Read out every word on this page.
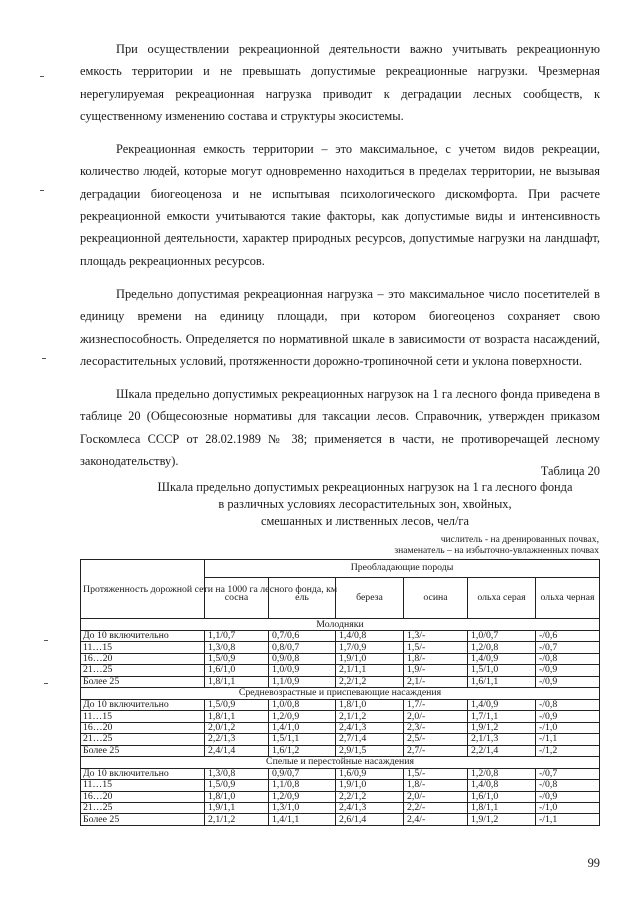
При осуществлении рекреационной деятельности важно учитывать рекреационную емкость территории и не превышать допустимые рекреационные нагрузки. Чрезмерная нерегулируемая рекреационная нагрузка приводит к деградации лесных сообществ, к существенному изменению состава и структуры экосистемы.

Рекреационная емкость территории – это максимальное, с учетом видов рекреации, количество людей, которые могут одновременно находиться в пределах территории, не вызывая деградации биогеоценоза и не испытывая психологического дискомфорта. При расчете рекреационной емкости учитываются такие факторы, как допустимые виды и интенсивность рекреационной деятельности, характер природных ресурсов, допустимые нагрузки на ландшафт, площадь рекреационных ресурсов.

Предельно допустимая рекреационная нагрузка – это максимальное число посетителей в единицу времени на единицу площади, при котором биогеоценоз сохраняет свою жизнеспособность. Определяется по нормативной шкале в зависимости от возраста насаждений, лесорастительных условий, протяженности дорожно-тропиночной сети и уклона поверхности.

Шкала предельно допустимых рекреационных нагрузок на 1 га лесного фонда приведена в таблице 20 (Общесоюзные нормативы для таксации лесов. Справочник, утвержден приказом Госкомлеса СССР от 28.02.1989 № 38; применяется в части, не противоречащей лесному законодательству).

Таблица 20

Шкала предельно допустимых рекреационных нагрузок на 1 га лесного фонда
в различных условиях лесорастительных зон, хвойных,
смешанных и лиственных лесов, чел/га
числитель - на дренированных почвах,
знаменатель – на избыточно-увлажненных почвах
Протяженность дорожной сети на 1000 га лесного фонда, км	Преобладающие породы					
	сосна	ель	береза	осина	ольха серая	ольха черная
Молодняки						
До 10 включительно	1,1/0,7	0,7/0,6	1,4/0,8	1,3/-	1,0/0,7	-/0,6
11…15	1,3/0,8	0,8/0,7	1,7/0,9	1,5/-	1,2/0,8	-/0,7
16…20	1,5/0,9	0,9/0,8	1,9/1,0	1,8/-	1,4/0,9	-/0,8
21…25	1,6/1,0	1,0/0,9	2,1/1,1	1,9/-	1,5/1,0	-/0,9
Более 25	1,8/1,1	1,1/0,9	2,2/1,2	2,1/-	1,6/1,1	-/0,9
Средневозрастные и приспевающие насаждения						
До 10 включительно	1,5/0,9	1,0/0,8	1,8/1,0	1,7/-	1,4/0,9	-/0,8
11…15	1,8/1,1	1,2/0,9	2,1/1,2	2,0/-	1,7/1,1	-/0,9
16…20	2,0/1,2	1,4/1,0	2,4/1,3	2,3/-	1,9/1,2	-/1,0
21…25	2,2/1,3	1,5/1,1	2,7/1,4	2,5/-	2,1/1,3	-/1,1
Более 25	2,4/1,4	1,6/1,2	2,9/1,5	2,7/-	2,2/1,4	-/1,2
Спелые и перестойные насаждения						
До 10 включительно	1,3/0,8	0,9/0,7	1,6/0,9	1,5/-	1,2/0,8	-/0,7
11…15	1,5/0,9	1,1/0,8	1,9/1,0	1,8/-	1,4/0,8	-/0,8
16…20	1,8/1,0	1,2/0,9	2,2/1,2	2,0/-	1,6/1,0	-/0,9
21…25	1,9/1,1	1,3/1,0	2,4/1,3	2,2/-	1,8/1,1	-/1,0
Более 25	2,1/1,2	1,4/1,1	2,6/1,4	2,4/-	1,9/1,2	-/1,1

99
